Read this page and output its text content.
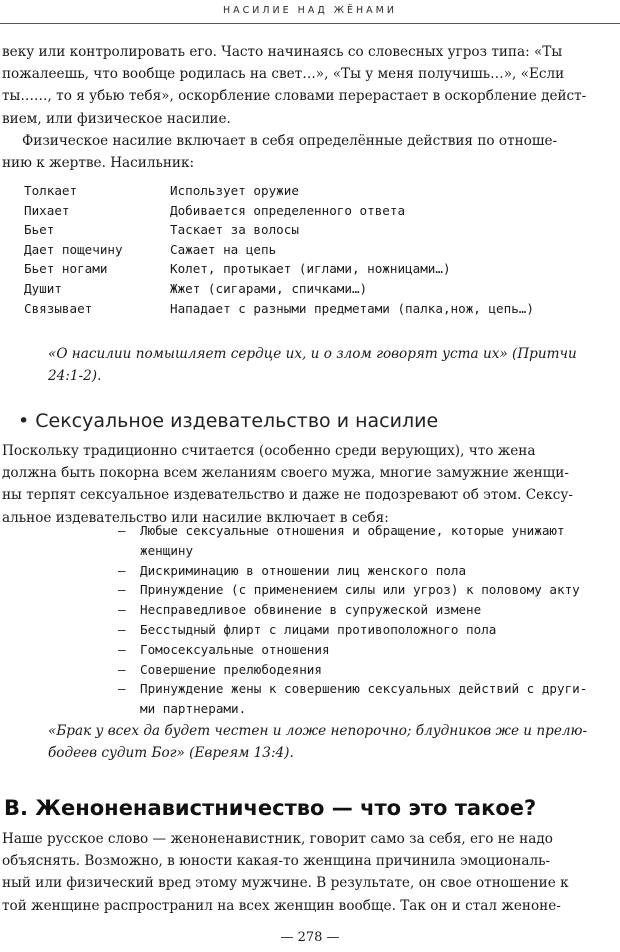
НАСИЛИЕ НАД ЖЁНАМИ
веку или контролировать его. Часто начинаясь со словесных угроз типа: «Ты
пожалеешь, что вообще родилась на свет…», «Ты у меня получишь…», «Если
ты……, то я убью тебя», оскорбление словами перерастает в оскорбление дейст-
вием, или физическое насилие.
Физическое насилие включает в себя определённые действия по отноше-
нию к жертве. Насильник:
Толкает	Использует оружие
Пихает	Добивается определенного ответа
Бьет	Таскает за волосы
Дает пощечину	Сажает на цепь
Бьет ногами	Колет, протыкает (иглами, ножницами…)
Душит	Жжет (сигарами, спичками…)
Связывает	Нападает с разными предметами (палка,нож, цепь…)
«О насилии помышляет сердце их, и о злом говорят уста их» (Притчи
24:1-2).
• Сексуальное издевательство и насилие
Поскольку традиционно считается (особенно среди верующих), что жена
должна быть покорна всем желаниям своего мужа, многие замужние женщи-
ны терпят сексуальное издевательство и даже не подозревают об этом. Сексу-
альное издевательство или насилие включает в себя:
—	Любые сексуальные отношения и обращение, которые унижают
женщину
—	Дискриминацию в отношении лиц женского пола
—	Принуждение (с применением силы или угроз) к половому акту
—	Несправедливое обвинение в супружеской измене
—	Бесстыдный флирт с лицами противоположного пола
—	Гомосексуальные отношения
—	Совершение прелюбодеяния
—	Принуждение жены к совершению сексуальных действий с други-
ми партнерами.
«Брак у всех да будет честен и ложе непорочно; блудников же и прелю-
бодеев судит Бог» (Евреям 13:4).
B. Женоненавистничество — что это такое?
Наше русское слово — женоненавистник, говорит само за себя, его не надо
объяснять. Возможно, в юности какая-то женщина причинила эмоциональ-
ный или физический вред этому мужчине. В результате, он свое отношение к
той женщине распространил на всех женщин вообще. Так он и стал женоне-
— 278 —
